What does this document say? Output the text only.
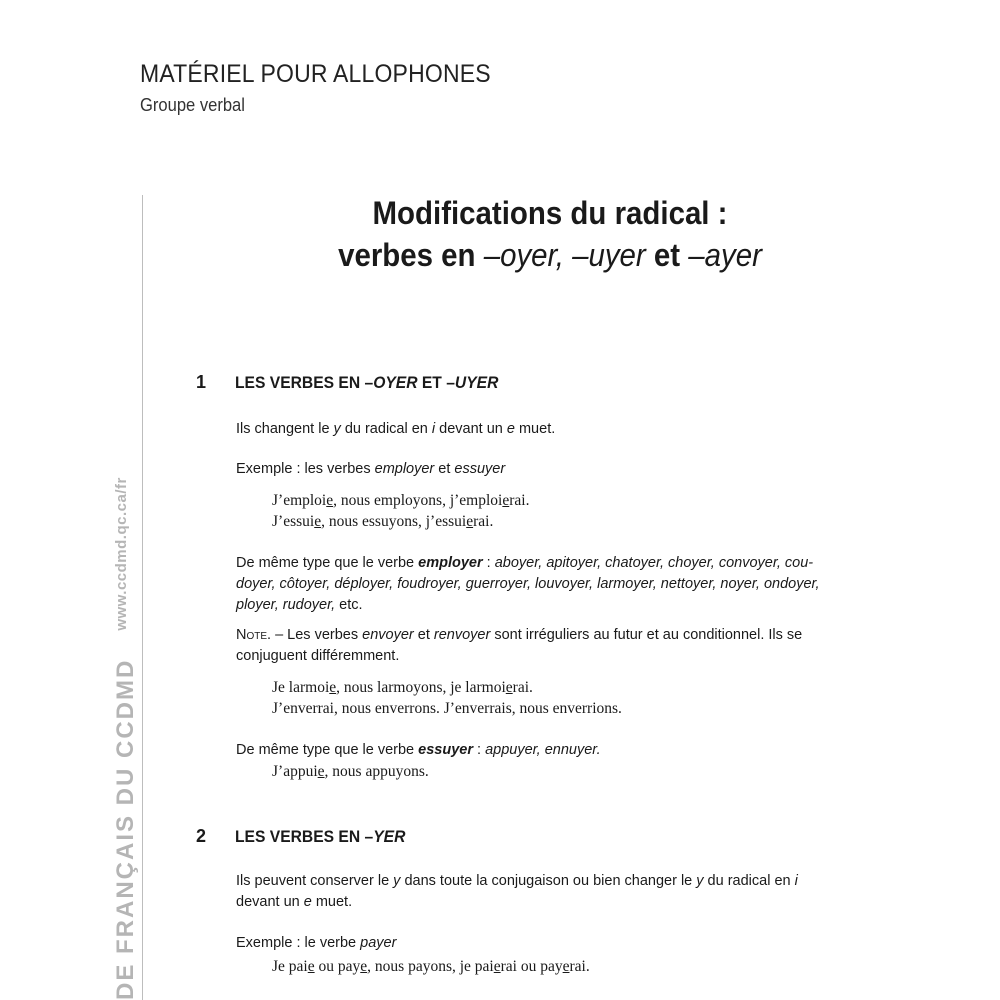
MATÉRIEL POUR ALLOPHONES
Groupe verbal
DE FRANÇAIS DU CCDMDwww.ccdmd.qc.ca/fr
Modifications du radical :
verbes en –oyer, –uyer et –ayer
1 LES VERBES EN –OYER ET –UYER
Ils changent le y du radical en i devant un e muet.
Exemple : les verbes employer et essuyer
J’emploie, nous employons, j’emploierai.
J’essuie, nous essuyons, j’essuierai.
De même type que le verbe employer : aboyer, apitoyer, chatoyer, choyer, convoyer, cou-
doyer, côtoyer, déployer, foudroyer, guerroyer, louvoyer, larmoyer, nettoyer, noyer, ondoyer,
ployer, rudoyer, etc.
Note. – Les verbes envoyer et renvoyer sont irréguliers au futur et au conditionnel. Ils se
conjuguent différemment.
Je larmoie, nous larmoyons, je larmoierai.
J’enverrai, nous enverrons. J’enverrais, nous enverrions.
De même type que le verbe essuyer : appuyer, ennuyer.
J’appuie, nous appuyons.
2 LES VERBES EN –YER
Ils peuvent conserver le y dans toute la conjugaison ou bien changer le y du radical en i
devant un e muet.
Exemple : le verbe payer
Je paie ou paye, nous payons, je paierai ou payerai.
